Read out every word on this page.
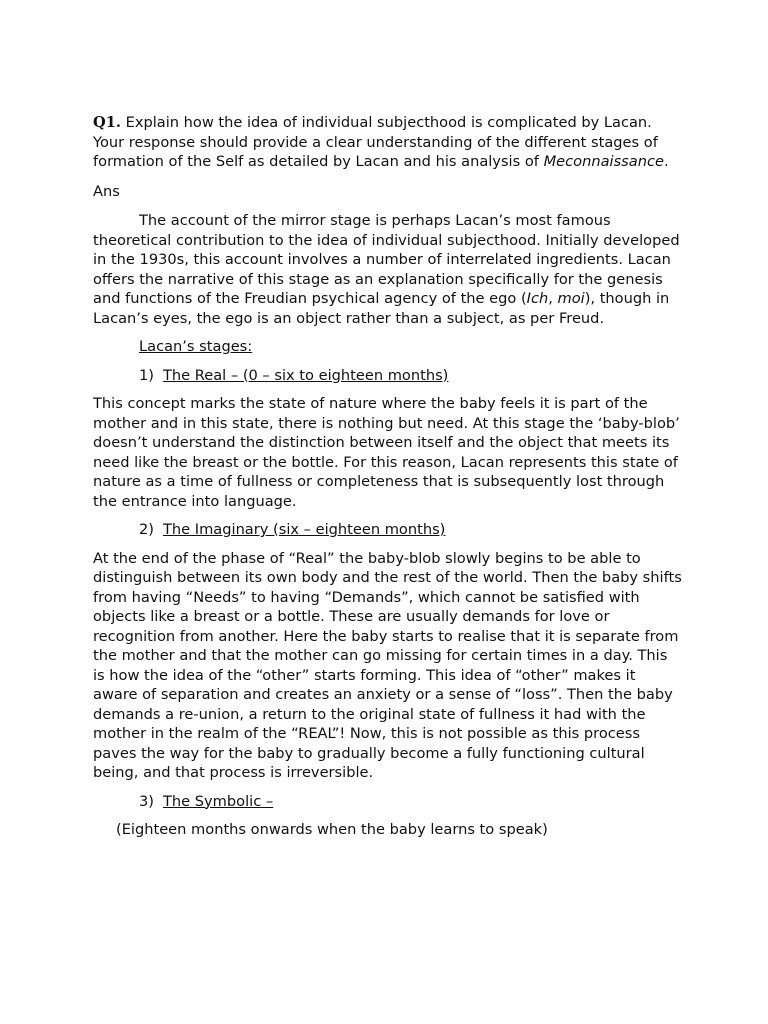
Q1. Explain how the idea of individual subjecthood is complicated by Lacan. Your response should provide a clear understanding of the different stages of formation of the Self as detailed by Lacan and his analysis of Meconnaissance.

Ans

The account of the mirror stage is perhaps Lacan’s most famous theoretical contribution to the idea of individual subjecthood. Initially developed in the 1930s, this account involves a number of interrelated ingredients. Lacan offers the narrative of this stage as an explanation specifically for the genesis and functions of the Freudian psychical agency of the ego (Ich, moi), though in Lacan’s eyes, the ego is an object rather than a subject, as per Freud.

Lacan’s stages:

1) The Real – (0 – six to eighteen months)

This concept marks the state of nature where the baby feels it is part of the mother and in this state, there is nothing but need. At this stage the ‘baby-blob’ doesn’t understand the distinction between itself and the object that meets its need like the breast or the bottle. For this reason, Lacan represents this state of nature as a time of fullness or completeness that is subsequently lost through the entrance into language.

2) The Imaginary (six – eighteen months)

At the end of the phase of “Real” the baby-blob slowly begins to be able to distinguish between its own body and the rest of the world. Then the baby shifts from having “Needs” to having “Demands”, which cannot be satisfied with objects like a breast or a bottle. These are usually demands for love or recognition from another. Here the baby starts to realise that it is separate from the mother and that the mother can go missing for certain times in a day. This is how the idea of the “other” starts forming. This idea of “other” makes it aware of separation and creates an anxiety or a sense of “loss”. Then the baby demands a re-union, a return to the original state of fullness it had with the mother in the realm of the “REAL”! Now, this is not possible as this process paves the way for the baby to gradually become a fully functioning cultural being, and that process is irreversible.

3) The Symbolic –

(Eighteen months onwards when the baby learns to speak)
